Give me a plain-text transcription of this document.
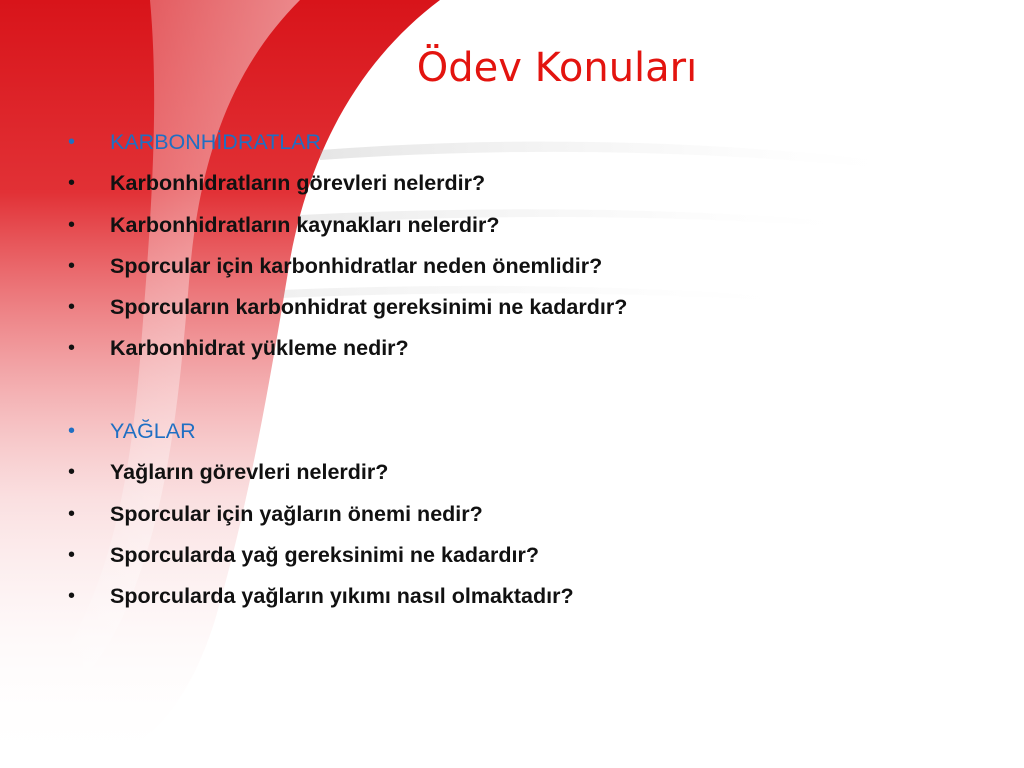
Ödev Konuları
•	KARBONHİDRATLAR
•	Karbonhidratların görevleri nelerdir?
•	Karbonhidratların kaynakları nelerdir?
•	Sporcular için karbonhidratlar neden önemlidir?
•	Sporcuların karbonhidrat gereksinimi ne kadardır?
•	Karbonhidrat yükleme nedir?
•	YAĞLAR
•	Yağların görevleri nelerdir?
•	Sporcular için yağların önemi nedir?
•	Sporcularda yağ gereksinimi ne kadardır?
•	Sporcularda yağların yıkımı nasıl olmaktadır?
